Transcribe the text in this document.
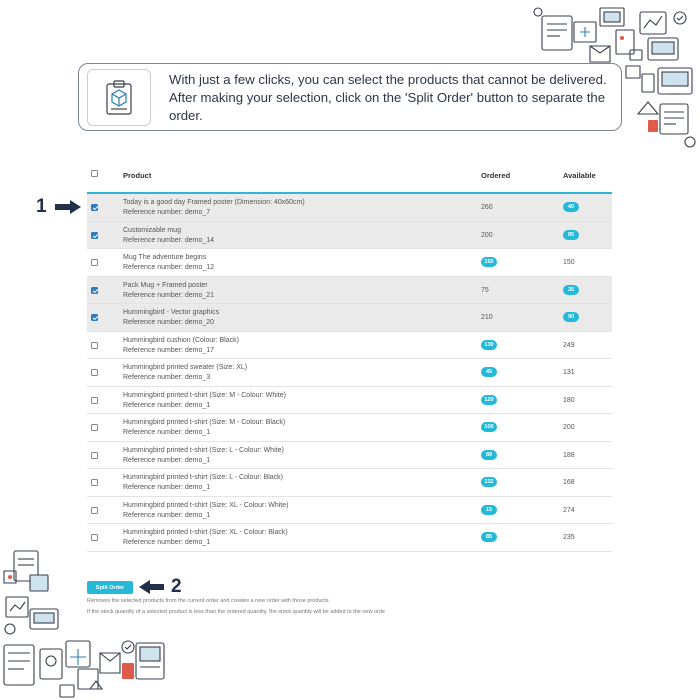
With just a few clicks, you can select the products that cannot be delivered. After making your selection, click on the 'Split Order' button to separate the order.
1
Product	Ordered	Available
Today is a good day Framed poster (Dimension: 40x60cm)
Reference number: demo_7
260	40
Customizable mug
Reference number: demo_14
200	85
Mug The adventure begins
Reference number: demo_12
150	150
Pack Mug + Framed poster
Reference number: demo_21
75	35
Hummingbird - Vector graphics
Reference number: demo_20
210	90
Hummingbird cushion (Colour: Black)
Reference number: demo_17
130	249
Hummingbird printed sweater (Size: XL)
Reference number: demo_3
45	131
Hummingbird printed t-shirt (Size: M - Colour: White)
Reference number: demo_1
120	180
Hummingbird printed t-shirt (Size: M - Colour: Black)
Reference number: demo_1
100	200
Hummingbird printed t-shirt (Size: L - Colour: White)
Reference number: demo_1
89	188
Hummingbird printed t-shirt (Size: L - Colour: Black)
Reference number: demo_1
132	168
Hummingbird printed t-shirt (Size: XL - Colour: White)
Reference number: demo_1
15	274
Hummingbird printed t-shirt (Size: XL - Colour: Black)
Reference number: demo_1
85	235
2
Split Order
Removes the selected products from the current order and creates a new order with those products.
If the stock quantity of a selected product is less than the ordered quantity, the stock quantity will be added to the new orde
